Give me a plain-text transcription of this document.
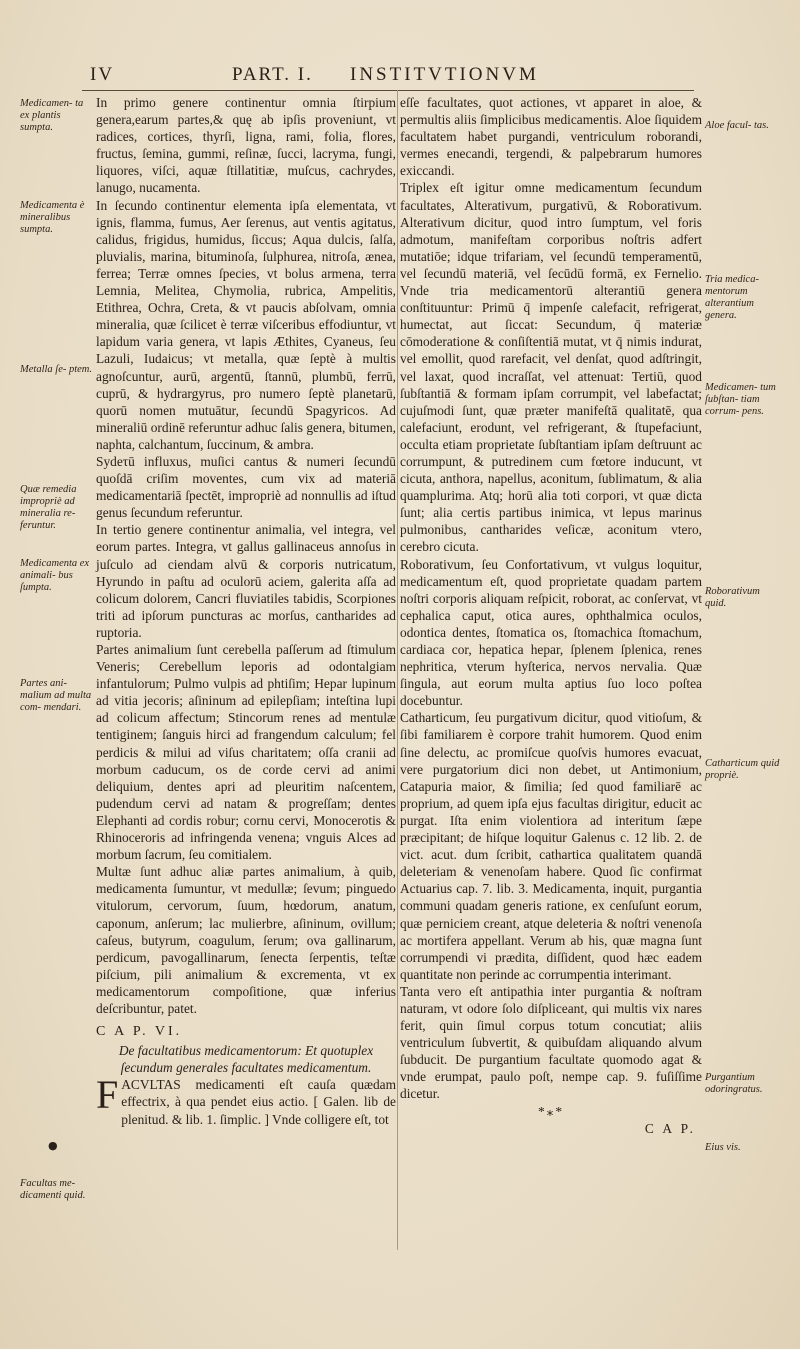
IV	PART. I. INSTITVTIONVM
Medicamen- ta ex plantis sumpta.
Medicamenta è mineralibus sumpta.
Metalla ſe- ptem.
Quæ remedia impropriè ad mineralia re- feruntur.
Medicamenta ex animali- bus ſumpta.
Partes ani- malium ad multa com- mendari.
Facultas me- dicamenti quid.
●
Aloe facul- tas.
Tria medica- mentorum alterantium genera.
Medicamen- tum ſubſtan- tiam corrum- pens.
Roborativum quid.
Catharticum quid propriè.
Purgantium odoringratus.
Eius vis.

In primo genere continentur omnia ſtirpium genera,earum partes,& quę ab ipſis proveniunt, vt radices, cortices, thyrſi, ligna, rami, folia, flores, fructus, ſemina, gummi, reſinæ, ſucci, lacryma, fungi, liquores, viſci, aquæ ſtillatitiæ, muſcus, cachrydes, lanugo, nucamenta.

In ſecundo continentur elementa ipſa elementata, vt ignis, flamma, fumus, Aer ſerenus, aut ventis agitatus, calidus, frigidus, humidus, ſiccus; Aqua dulcis, ſalſa, pluvialis, marina, bituminoſa, ſulphurea, nitroſa, ænea, ferrea; Terræ omnes ſpecies, vt bolus armena, terra Lemnia, Melitea, Chymolia, rubrica, Ampelitis, Etithrea, Ochra, Creta, & vt paucis abſolvam, omnia mineralia, quæ ſcilicet è terræ viſceribus effodiuntur, vt lapidum varia genera, vt lapis Æthites, Cyaneus, ſeu Lazuli, Iudaicus; vt metalla, quæ ſeptè à multis agnoſcuntur, aurū, argentū, ſtannū, plumbū, ferrū, cuprū, & hydrargyrus, pro numero ſeptè planetarū, quorū nomen mutuātur, ſecundū Spagyricos. Ad mineraliū ordinē referuntur adhuc ſalis genera, bitumen, naphta, calchantum, ſuccinum, & ambra.

Sydeτū influxus, muſici cantus & numeri ſecundū quoſdā criſim moventes, cum vix ad materiā medicamentariā ſpectēt, impropriè ad nonnullis ad iſtud genus ſecundum referuntur.

In tertio genere continentur animalia, vel integra, vel eorum partes. Integra, vt gallus gallinaceus annoſus in juſculo ad ciendam alvū & corporis nutricatum, Hyrundo in paſtu ad oculorū aciem, galerita aſſa ad colicum dolorem, Cancri fluviatiles tabidis, Scorpiones triti ad ipſorum puncturas ac morſus, cantharides ad ruptoria.

Partes animalium ſunt cerebella paſſerum ad ſtimulum Veneris; Cerebellum leporis ad odontalgiam infantulorum; Pulmo vulpis ad phtiſim; Hepar lupinum ad vitia jecoris; aſininum ad epilepſiam; inteſtina lupi ad colicum affectum; Stincorum renes ad mentulæ tentiginem; ſanguis hirci ad frangendum calculum; fel perdicis & milui ad viſus charitatem; oſſa cranii ad morbum caducum, os de corde cervi ad animi deliquium, dentes apri ad pleuritim naſcentem, pudendum cervi ad natam & progreſſam; dentes Elephanti ad cordis robur; cornu cervi, Monocerotis & Rhinoceroris ad infringenda venena; vnguis Alces ad morbum ſacrum, ſeu comitialem.

Multæ ſunt adhuc aliæ partes animalium, à quib, medicamenta ſumuntur, vt medullæ; ſevum; pinguedo vitulorum, cervorum, ſuum, hœdorum, anatum, caponum, anſerum; lac mulierbre, aſininum, ovillum; caſeus, butyrum, coagulum, ſerum; ova gallinarum, perdicum, pavogallinarum, ſenecta ſerpentis, teſtæ piſcium, pili animalium & excrementa, vt ex medicamentorum compoſitione, quæ inferius deſcribuntur, patet.

C A P. VI.

De facultatibus medicamentorum: Et quotuplex ſecundum generales facultates medicamentum.

FACVLTAS medicamenti eſt cauſa quædam effectrix, à qua pendet eius actio. [ Galen. lib de plenitud. & lib. 1. ſimplic. ] Vnde colligere eſt, tot

eſſe facultates, quot actiones, vt apparet in aloe, & permultis aliis ſimplicibus medicamentis. Aloe ſiquidem facultatem habet purgandi, ventriculum roborandi, vermes enecandi, tergendi, & palpebrarum humores exiccandi.

Triplex eſt igitur omne medicamentum ſecundum facultates, Alterativum, purgativū, & Roborativum. Alterativum dicitur, quod intro ſumptum, vel foris admotum, manifeſtam corporibus noſtris adfert mutatiōe; idque trifariam, vel ſecundū temperamentū, vel ſecundū materiā, vel ſecūdū formā, ex Fernelio. Vnde tria medicamentorū alterantiū genera conſtituuntur: Primū q̄ impenſe calefacit, refrigerat, humectat, aut ſiccat: Secundum, q̄ materiæ cōmoderatione & conſiſtentiā mutat, vt q̄ nimis indurat, vel emollit, quod rarefacit, vel denſat, quod adſtringit, vel laxat, quod incraſſat, vel attenuat: Tertiū, quod ſubſtantiā & formam ipſam corrumpit, vel labefactat; cujuſmodi ſunt, quæ præter manifeſtā qualitatē, qua calefaciunt, erodunt, vel refrigerant, & ſtupefaciunt, occulta etiam proprietate ſubſtantiam ipſam deſtruunt ac corrumpunt, & putredinem cum fœtore inducunt, vt cicuta, anthora, napellus, aconitum, ſublimatum, & alia quamplurima. Atq; horū alia toti corpori, vt quæ dicta ſunt; alia certis partibus inimica, vt lepus marinus pulmonibus, cantharides veſicæ, aconitum vtero, cerebro cicuta.

Roborativum, ſeu Confortativum, vt vulgus loquitur, medicamentum eſt, quod proprietate quadam partem noſtri corporis aliquam reſpicit, roborat, ac conſervat, vt cephalica caput, otica aures, ophthalmica oculos, odontica dentes, ſtomatica os, ſtomachica ſtomachum, cardiaca cor, hepatica hepar, ſplenem ſplenica, renes nephritica, vterum hyſterica, nervos nervalia. Quæ ſingula, aut eorum multa aptius ſuo loco poſtea docebuntur.

Catharticum, ſeu purgativum dicitur, quod vitioſum, & ſibi familiarem è corpore trahit humorem. Quod enim ſine delectu, ac promiſcue quoſvis humores evacuat, vere purgatorium dici non debet, ut Antimonium, Catapuria maior, & ſimilia; ſed quod familiarē ac proprium, ad quem ipſa ejus facultas dirigitur, educit ac purgat. Iſta enim violentiora ad interitum ſæpe præcipitant; de hiſque loquitur Galenus c. 12 lib. 2. de vict. acut. dum ſcribit, cathartica qualitatem quandā deleteriam & venenoſam habere. Quod ſic confirmat Actuarius cap. 7. lib. 3. Medicamenta, inquit, purgantia communi quadam generis ratione, ex cenſuſunt eorum, quæ perniciem creant, atque deleteria & noſtri venenoſa ac mortifera appellant. Verum ab his, quæ magna ſunt corrumpendi vi prædita, diſſident, quod hæc eadem quantitate non perinde ac corrumpentia interimant.

Tanta vero eſt antipathia inter purgantia & noſtram naturam, vt odore ſolo diſpliceant, qui multis vix nares ferit, quin ſimul corpus totum concutiat; aliis ventriculum ſubvertit, & quibuſdam aliquando alvum ſubducit. De purgantium facultate quomodo agat & vnde erumpat, paulo poſt, nempe cap. 9. fuſiſſime dicetur.

*⁎*

C A P.
